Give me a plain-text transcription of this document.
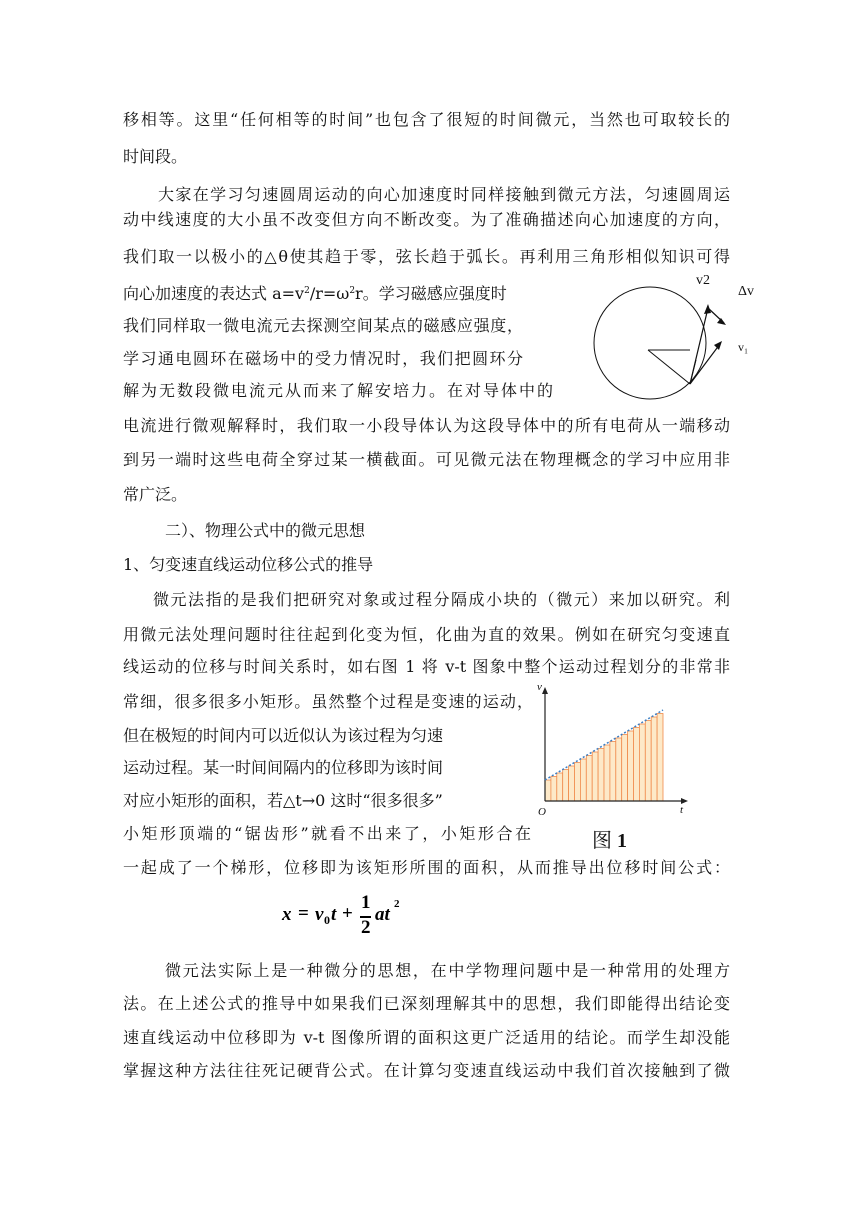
移相等。这里“任何相等的时间”也包含了很短的时间微元，当然也可取较长的
时间段。
大家在学习匀速圆周运动的向心加速度时同样接触到微元方法，匀速圆周运
动中线速度的大小虽不改变但方向不断改变。为了准确描述向心加速度的方向，
我们取一以极小的△θ使其趋于零，弦长趋于弧长。再利用三角形相似知识可得
向心加速度的表达式 $a=v^2/r=\omega^2r$。学习磁感应强度时
我们同样取一微电流元去探测空间某点的磁感应强度，
学习通电圆环在磁场中的受力情况时，我们把圆环分
解为无数段微电流元从而来了解安培力。在对导体中的
电流进行微观解释时，我们取一小段导体认为这段导体中的所有电荷从一端移动
到另一端时这些电荷全穿过某一横截面。可见微元法在物理概念的学习中应用非
常广泛。
v2
Δv
v₁
二）、物理公式中的微元思想
1、匀变速直线运动位移公式的推导
微元法指的是我们把研究对象或过程分隔成小块的（微元）来加以研究。利
用微元法处理问题时往往起到化变为恒，化曲为直的效果。例如在研究匀变速直
线运动的位移与时间关系时，如右图 1 将 v-t 图象中整个运动过程划分的非常非
常细，很多很多小矩形。虽然整个过程是变速的运动，
但在极短的时间内可以近似认为该过程为匀速
运动过程。某一时间间隔内的位移即为该时间
对应小矩形的面积，若△t→0 这时“很多很多”
小矩形顶端的“锯齿形”就看不出来了，小矩形合在
一起成了一个梯形，位移即为该矩形所围的面积，从而推导出位移时间公式：
v
t
O
图 1
x = v 0 t +
1
2
at 2
微元法实际上是一种微分的思想，在中学物理问题中是一种常用的处理方
法。在上述公式的推导中如果我们已深刻理解其中的思想，我们即能得出结论变
速直线运动中位移即为 v-t 图像所谓的面积这更广泛适用的结论。而学生却没能
掌握这种方法往往死记硬背公式。在计算匀变速直线运动中我们首次接触到了微
